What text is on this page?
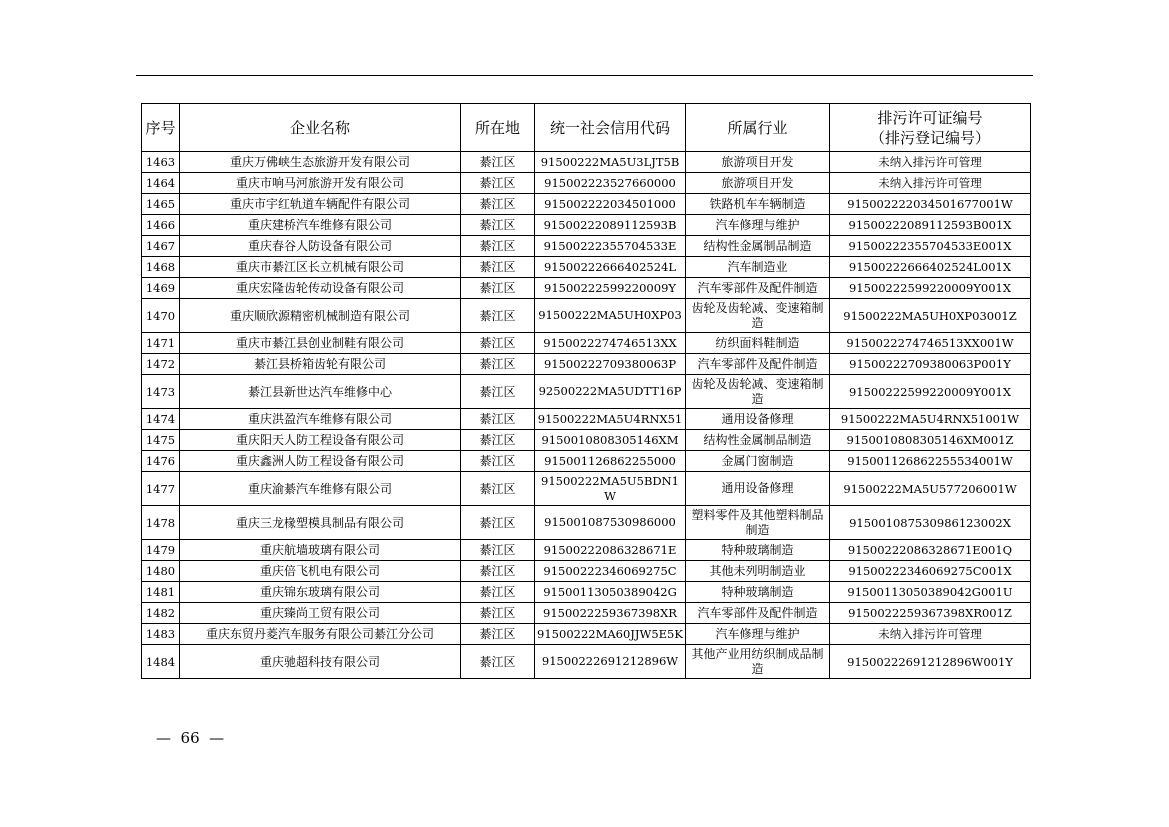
序号	企业名称	所在地	统一社会信用代码	所属行业	排污许可证编号
（排污登记编号）
1463	重庆万佛峡生态旅游开发有限公司	綦江区	91500222MA5U3LJT5B	旅游项目开发	未纳入排污许可管理
1464	重庆市响马河旅游开发有限公司	綦江区	915002223527660000	旅游项目开发	未纳入排污许可管理
1465	重庆市宇红轨道车辆配件有限公司	綦江区	915002222034501000	铁路机车车辆制造	91500222203450167700​1W
1466	重庆建桥汽车维修有限公司	綦江区	9150022208911​2593B	汽车修理与维护	91500222089112593B001X
1467	重庆春谷人防设备有限公司	綦江区	91500222355704533E	结构性金属制品制造	91500222355704533E001X
1468	重庆市綦江区长立机械有限公司	綦江区	91500222666402524L	汽车制造业	91500222666402524L001X
1469	重庆宏隆齿轮传动设备有限公司	綦江区	91500222599220009Y	汽车零部件及配件制造	91500222599220009Y001X
1470	重庆顺欣源精密机械制造有限公司	綦江区	91500222MA5UH0XP03	齿轮及齿轮减、变速箱制造	91500222MA5UH0XP03001Z
1471	重庆市綦江县创业制鞋有限公司	綦江区	9150022274746513XX	纺织面料鞋制造	9150022274746513XX001W
1472	綦江县桥箱齿轮有限公司	綦江区	91500222709380063P	汽车零部件及配件制造	91500222709380063P001Y
1473	綦江县新世达汽车维修中心	綦江区	92500222MA5UDTT16P	齿轮及齿轮减、变速箱制造	91500222599220009Y001X
1474	重庆洪盈汽车维修有限公司	綦江区	91500222MA5U4RNX51	通用设备修理	91500222MA5U4RNX51001W
1475	重庆阳天人防工程设备有限公司	綦江区	9150010808305146XM	结构性金属制品制造	9150010808305146XM001Z
1476	重庆鑫洲人防工程设备有限公司	綦江区	915001126862255000	金属门窗制造	91500112686225553​4001W
1477	重庆渝綦汽车维修有限公司	綦江区	91500222MA5U5BDN1W	通用设备修理	91500222MA5U577206001W
1478	重庆三龙椽塑模具制品有限公司	綦江区	915001087530986000	塑料零件及其他塑料制品制造	91500108753098612300​2X
1479	重庆航墙玻璃有限公司	綦江区	91500222086328671E	特种玻璃制造	91500222086328671E001Q
1480	重庆倍飞机电有限公司	綦江区	91500222346069275C	其他未列明制造业	91500222346069275C001X
1481	重庆锦东玻璃有限公司	綦江区	91500113050389042G	特种玻璃制造	91500113050389042G001U
1482	重庆臻尚工贸有限公司	綦江区	9150022259367398XR	汽车零部件及配件制造	9150022259367398XR001Z
1483	重庆东贸丹菱汽车服务有限公司綦江分公司	綦江区	91500222MA60JJW5E5K	汽车修理与维护	未纳入排污许可管理
1484	重庆驰超科技有限公司	綦江区	91500222691212896W	其他产业用纺织制成品制造	91500222691212896W001Y
—  66  —
